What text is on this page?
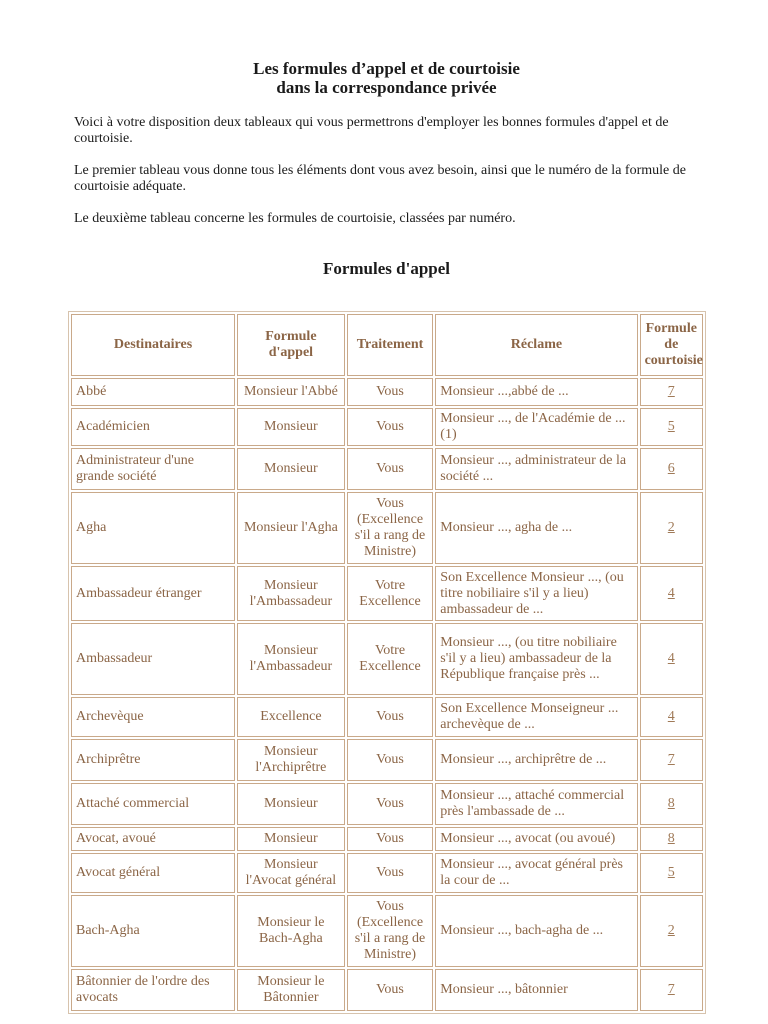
Les formules d’appel et de courtoisie
dans la correspondance privée

Voici à votre disposition deux tableaux qui vous permettrons d'employer les bonnes formules d'appel et de courtoisie.

Le premier tableau vous donne tous les éléments dont vous avez besoin, ainsi que le numéro de la formule de courtoisie adéquate.

Le deuxième tableau concerne les formules de courtoisie, classées par numéro.

Formules d'appel
Destinataires	Formule d'appel	Traitement	Réclame	Formule de courtoisie
Abbé	Monsieur l'Abbé	Vous	Monsieur ...,abbé de ...	7
Académicien	Monsieur	Vous	Monsieur ..., de l'Académie de ...(1)	5
Administrateur d'une grande société	Monsieur	Vous	Monsieur ..., administrateur de la société ...	6
Agha	Monsieur l'Agha	Vous (Excellence s'il a rang de Ministre)	Monsieur ..., agha de ...	2
Ambassadeur étranger	Monsieur l'Ambassadeur	Votre Excellence	Son Excellence Monsieur ..., (ou titre nobiliaire s'il y a lieu) ambassadeur de ...	4
Ambassadeur	Monsieur l'Ambassadeur	Votre Excellence	Monsieur ..., (ou titre nobiliaire s'il y a lieu) ambassadeur de la République française près ...	4
Archevèque	Excellence	Vous	Son Excellence Monseigneur ... archevèque de ...	4
Archiprêtre	Monsieur l'Archiprêtre	Vous	Monsieur ..., archiprêtre de ...	7
Attaché commercial	Monsieur	Vous	Monsieur ..., attaché commercial près l'ambassade de ...	8
Avocat, avoué	Monsieur	Vous	Monsieur ..., avocat (ou avoué)	8
Avocat général	Monsieur l'Avocat général	Vous	Monsieur ..., avocat général près la cour de ...	5
Bach-Agha	Monsieur le Bach-Agha	Vous (Excellence s'il a rang de Ministre)	Monsieur ..., bach-agha de ...	2
Bâtonnier de l'ordre des avocats	Monsieur le Bâtonnier	Vous	Monsieur ..., bâtonnier	7
